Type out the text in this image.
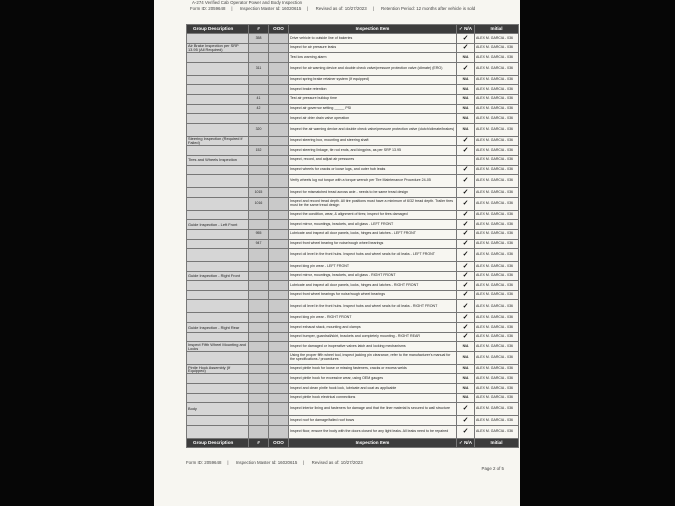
A-274 Verified Cab Operator Power and Body Inspection
Form ID: 2059648 | Inspection Master Id: 16020615 | Revised as of: 10/27/2023 | Retention Period: 12 months after vehicle is sold
Group Description	#	OOO	Inspection Item	✓ N/A	Initial
	358		Drive vehicle to outside line of bakeries	✓	ALEX M. GARCIA - 036
Air Brake Inspection per SRP 13.95 (All Required)			Inspect for air pressure leaks	✓	ALEX M. GARCIA - 036
			Test low warning alarm	N/A	ALEX M. GARCIA - 036
	311		Inspect for air warning device and double check valve/pressure protection valve (climate) (ERO)	✓	ALEX M. GARCIA - 036
			Inspect spring brake retainer system (If equipped)	N/A	ALEX M. GARCIA - 036
			Inspect brake retention	N/A	ALEX M. GARCIA - 036
	41		Test air pressure buildup time	N/A	ALEX M. GARCIA - 036
	42		Inspect air governor setting _____ PSI	N/A	ALEX M. GARCIA - 036
			Inspect air drier drain valve operation	N/A	ALEX M. GARCIA - 036
	320		Inspect the air warning device and double check valve/pressure protection valve (clutch/climate/brakes)	N/A	ALEX M. GARCIA - 036
Steering Inspection (Required if Failed)			Inspect steering box, mounting and steering shaft	✓	ALEX M. GARCIA - 036
	152		Inspect steering linkage, tie rod ends, and kingpins, as per SRP 13.95	✓	ALEX M. GARCIA - 036
Tires and Wheels Inspection			Inspect, record, and adjust air pressures		ALEX M. GARCIA - 036
			Inspect wheels for cracks or loose lugs, and outer hub leaks	✓	ALEX M. GARCIA - 036
			Verify wheels lug nut torque with a torque wrench per Tire Maintenance Procedure 24-05	✓	ALEX M. GARCIA - 036
	1015		Inspect for mismatched tread across axle - needs to be same tread design	✓	ALEX M. GARCIA - 036
	1016		Inspect and record tread depth. All tire positions must have a minimum of 6/32 tread depth. Trailer tires must be the same tread design	✓	ALEX M. GARCIA - 036
			Inspect the condition, wear, & alignment of tires; inspect for tires damaged	✓	ALEX M. GARCIA - 036
Guide Inspection - Left Front			Inspect mirror, mountings, brackets, and all glass - LEFT FRONT	✓	ALEX M. GARCIA - 036
	955		Lubricate and inspect all door panels, locks, hinges and latches - LEFT FRONT	✓	ALEX M. GARCIA - 036
	947		Inspect front wheel bearing for noise/rough wheel bearings	✓	ALEX M. GARCIA - 036
			Inspect oil level in the front hubs. Inspect hubs and wheel seals for oil leaks - LEFT FRONT	✓	ALEX M. GARCIA - 036
			Inspect king pin wear - LEFT FRONT	✓	ALEX M. GARCIA - 036
Guide Inspection - Right Front			Inspect mirror, mountings, brackets, and all glass - RIGHT FRONT	✓	ALEX M. GARCIA - 036
			Lubricate and inspect all door panels, locks, hinges and latches - RIGHT FRONT	✓	ALEX M. GARCIA - 036
			Inspect front wheel bearings for noise/rough wheel bearings	✓	ALEX M. GARCIA - 036
			Inspect oil level in the front hubs. Inspect hubs and wheel seals for oil leaks - RIGHT FRONT	✓	ALEX M. GARCIA - 036
			Inspect king pin wear - RIGHT FRONT	✓	ALEX M. GARCIA - 036
Guide Inspection - Right Rear			Inspect exhaust stack, mounting and clamps	✓	ALEX M. GARCIA - 036
			Inspect bumper, guardrail/skirt, brackets and completely mounting - RIGHT REAR	✓	ALEX M. GARCIA - 036
Inspect Fifth Wheel Mounting and Locks			Inspect for damaged or inoperative valves latch and locking mechanisms	N/A	ALEX M. GARCIA - 036
			Using the proper fifth wheel tool, inspect jacking pin clearance, refer to the manufacturer's manual for the specifications / procedures	N/A	ALEX M. GARCIA - 036
Pintle Hook Assembly (If Equipped)			Inspect pintle hook for loose or missing fasteners, cracks or excess welds	N/A	ALEX M. GARCIA - 036
			Inspect pintle hook for excessive wear, using OEM gauges	N/A	ALEX M. GARCIA - 036
			Inspect and clean pintle hook lock, lubricate and coat as applicable	N/A	ALEX M. GARCIA - 036
			Inspect pintle hook electrical connections	N/A	ALEX M. GARCIA - 036
Body			Inspect interior lining and fasteners for damage and that the liner material is secured to wall structure	✓	ALEX M. GARCIA - 036
			Inspect roof for damage/failed roof bows	✓	ALEX M. GARCIA - 036
			Inspect floor, ensure the body with the doors closed for any light leaks. All leaks need to be repaired	✓	ALEX M. GARCIA - 036
Group Description	#	OOO	Inspection Item	✓ N/A	Initial
Form ID: 2059648 | Inspection Master Id: 16020615 | Revised as of: 10/27/2023
Page 2 of 5
